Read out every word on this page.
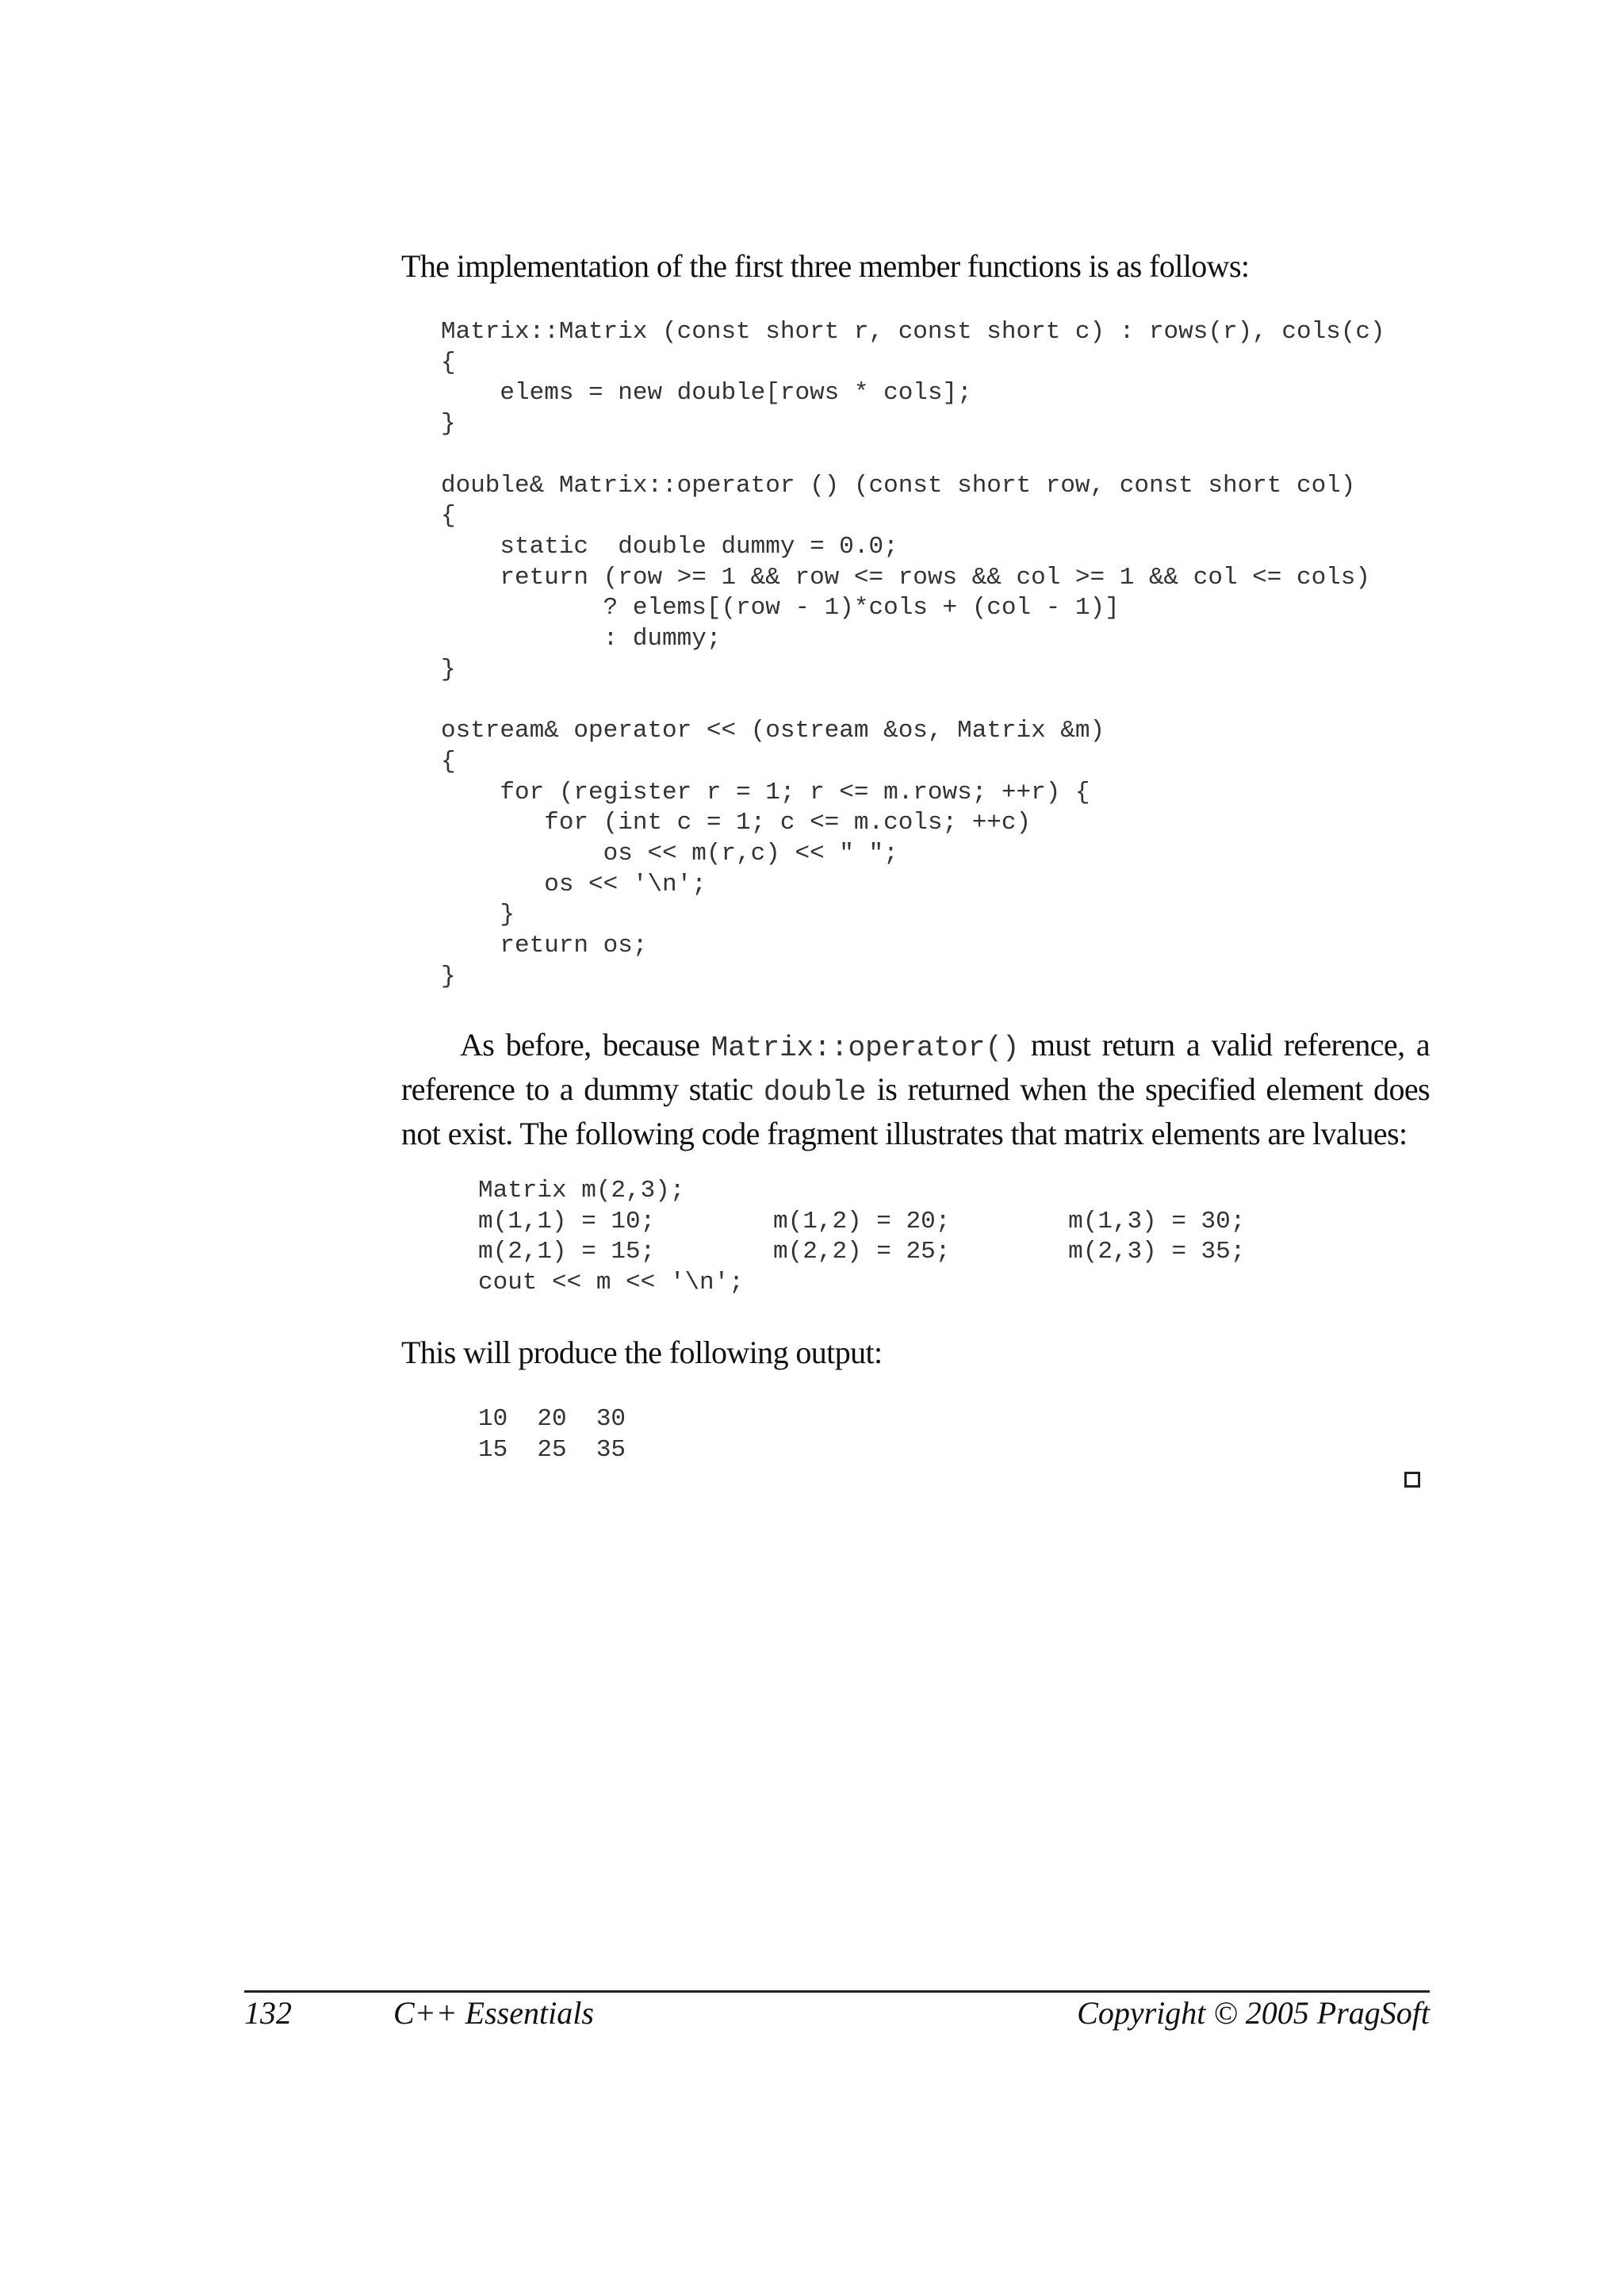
The implementation of the first three member functions is as follows:

Matrix::Matrix (const short r, const short c) : rows(r), cols(c)
{
elems = new double[rows * cols];
}

double& Matrix::operator () (const short row, const short col)
{
static  double dummy = 0.0;
return (row >= 1 && row <= rows && col >= 1 && col <= cols)
? elems[(row - 1)*cols + (col - 1)]
: dummy;
}

ostream& operator << (ostream &os, Matrix &m)
{
for (register r = 1; r <= m.rows; ++r) {
for (int c = 1; c <= m.cols; ++c)
os << m(r,c) << " ";
os << '\n';
}
return os;
}

As before, because Matrix::operator() must return a valid reference, a reference to a dummy static double is returned when the specified element does not exist. The following code fragment illustrates that matrix elements are lvalues:

Matrix m(2,3);
m(1,1) = 10;        m(1,2) = 20;        m(1,3) = 30;
m(2,1) = 15;        m(2,2) = 25;        m(2,3) = 35;
cout << m << '\n';

This will produce the following output:

10  20  30
15  25  35
132	C++ Essentials	Copyright © 2005 PragSoft
